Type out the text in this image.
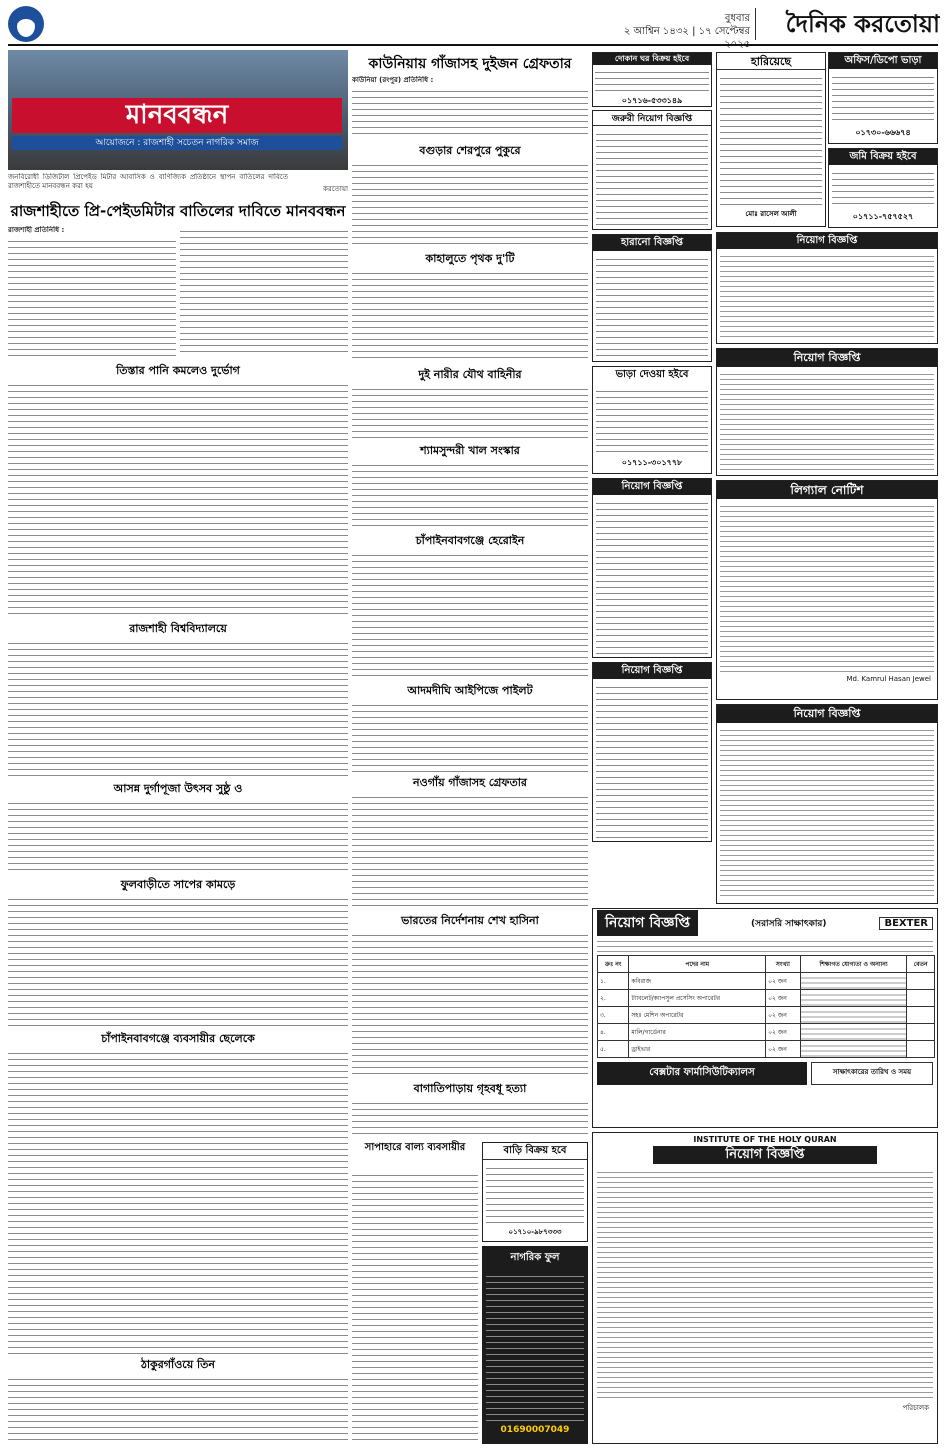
বুধবার
২ আশ্বিন ১৪৩২ | ১৭ সেপ্টেম্বর	দৈনিক করতোয়া
মানববন্ধন
আয়োজনে : রাজশাহী সচেতন নাগরিক সমাজ
জনবিরোধী ডিজিটাল প্রিপেইড মিটার আবাসিক ও বাণিজ্যিক প্রতিষ্ঠানে স্থাপন বাতিলের দাবিতে রাজশাহীতে মানববন্ধন করা হয়	করতোয়া
রাজশাহীতে প্রি-পেইডমিটার বাতিলের দাবিতে মানববন্ধন
রাজশাহী প্রতিনিধি :
তিস্তার পানি কমলেও দুর্ভোগ
রাজশাহী বিশ্ববিদ্যালয়ে
আসন্ন দুর্গাপূজা উৎসব সুষ্ঠু ও
ফুলবাড়ীতে সাপের কামড়ে
চাঁপাইনবাবগঞ্জে ব্যবসায়ীর ছেলেকে
ঠাকুরগাঁওয়ে তিন
কাউনিয়ায় গাঁজাসহ দুইজন গ্রেফতার
কাউনিয়া (রংপুর) প্রতিনিধি :
বগুড়ার শেরপুরে পুকুরে
কাহালুতে পৃথক দু'টি
দুই নারীর যৌথ বাহিনীর
শ্যামসুন্দরী খাল সংস্কার
চাঁপাইনবাবগঞ্জে হেরোইন
আদমদীঘি আইপিজে পাইলট
নওগাঁয় গাঁজাসহ গ্রেফতার
ভারতের নির্দেশনায় শেখ হাসিনা
বাগাতিপাড়ায় গৃহবধূ হত্যা
সাপাহারে বাল্য ব্যবসায়ীর
দোকান ঘর বিক্রয় হইবে
০১৭১৬-৫৩৩১৪৯
জরুরী নিয়োগ বিজ্ঞপ্তি
হারানো বিজ্ঞপ্তি
ভাড়া দেওয়া হইবে
০১৭১১-৩০১৭৭৮
নিয়োগ বিজ্ঞপ্তি
নিয়োগ বিজ্ঞপ্তি
বাড়ি বিক্রয় হবে
০১৭১০-৯৮৭৩৩৩
নাগরিক ফুল
01690007049
হারিয়েছে
মোঃ রাসেল আলী
অফিস/ডিপো ভাড়া
০১৭৩০-৬৬৬৭৪
জমি বিক্রয় হইবে
০১৭১১-৭৫৭৫২৭
নিয়োগ বিজ্ঞপ্তি
নিয়োগ বিজ্ঞপ্তি
লিগ্যাল নোটিশ
Md. Kamrul Hasan Jewel
নিয়োগ বিজ্ঞপ্তি
নিয়োগ বিজ্ঞপ্তি	(সরাসরি সাক্ষাৎকার)	BEXTER
ক্রঃ নং	পদের নাম	সংখ্যা	শিক্ষাগত যোগ্যতা ও অন্যান্য	বেতন
১.	কবিরাজ	০২ জন		
২.	ট্যাবলেট/ক্যাপসুল প্রসেসিং অপারেটর	০২ জন		
৩.	সহঃ মেশিন অপারেটর	০২ জন		
৪.	মালি/গার্ডেনার	০২ জন		
৫.	ড্রাইভার	০২ জন		
বেক্সটার ফার্মাসিউটিক্যালস	সাক্ষাৎকারের তারিখ ও সময়
INSTITUTE OF THE HOLY QURAN
নিয়োগ বিজ্ঞপ্তি
পরিচালক
